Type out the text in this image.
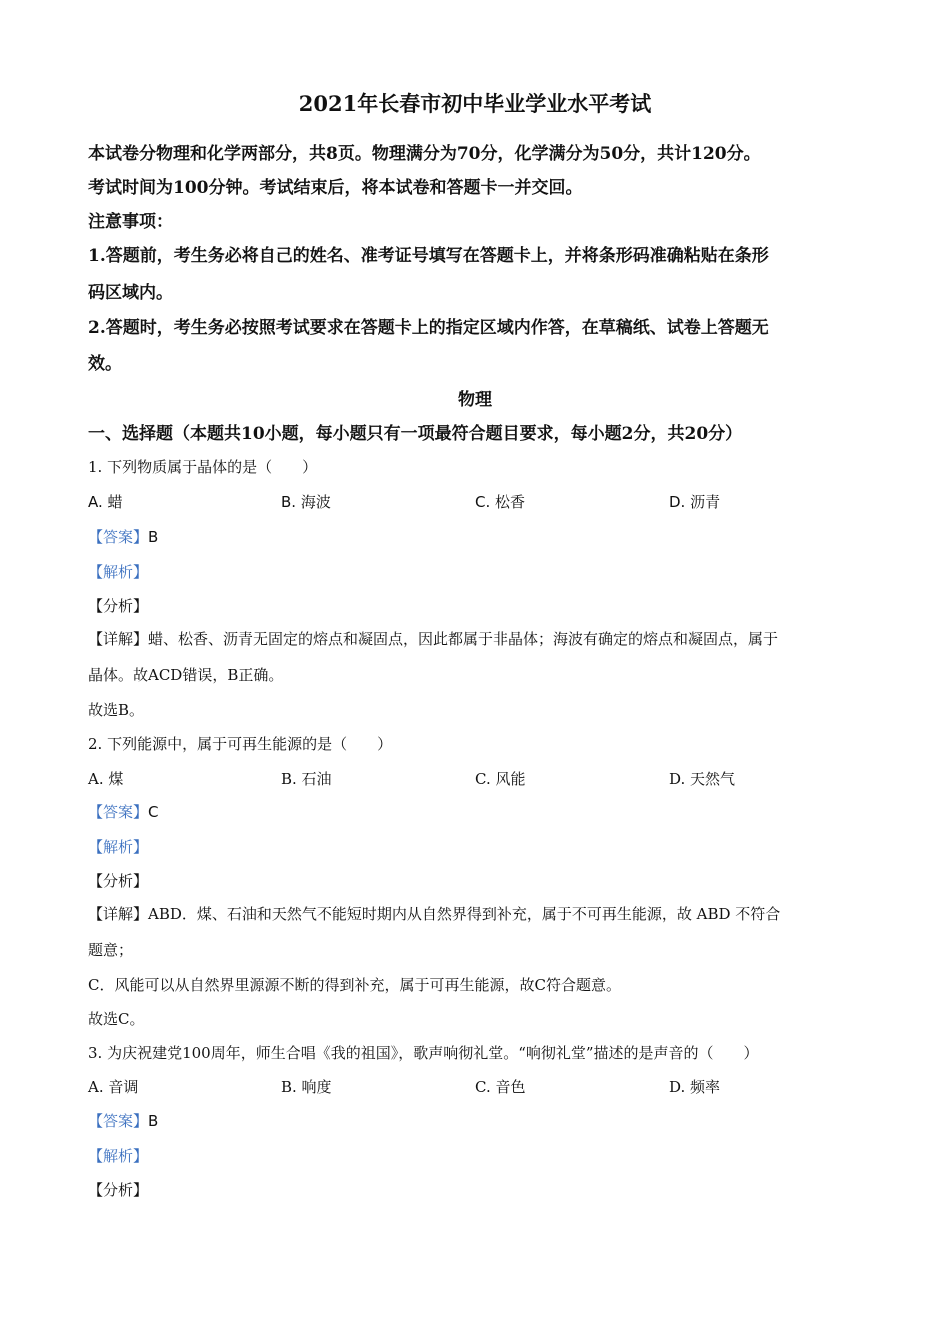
2021年长春市初中毕业学业水平考试
本试卷分物理和化学两部分，共8页。物理满分为70分，化学满分为50分，共计120分。
考试时间为100分钟。考试结束后，将本试卷和答题卡一并交回。
注意事项：
1.答题前，考生务必将自己的姓名、准考证号填写在答题卡上，并将条形码准确粘贴在条形
码区域内。
2.答题时，考生务必按照考试要求在答题卡上的指定区域内作答，在草稿纸、试卷上答题无
效。
物理
一、选择题（本题共10小题，每小题只有一项最符合题目要求，每小题2分，共20分）
1. 下列物质属于晶体的是（　　）
A. 蜡	B. 海波	C. 松香	D. 沥青
【答案】B
【解析】
【分析】
【详解】蜡、松香、沥青无固定的熔点和凝固点，因此都属于非晶体；海波有确定的熔点和凝固点，属于
晶体。故ACD错误，B正确。
故选B。
2. 下列能源中，属于可再生能源的是（　　）
A. 煤	B. 石油	C. 风能	D. 天然气
【答案】C
【解析】
【分析】
【详解】ABD．煤、石油和天然气不能短时期内从自然界得到补充，属于不可再生能源，故 ABD 不符合
题意；
C．风能可以从自然界里源源不断的得到补充，属于可再生能源，故C符合题意。
故选C。
3. 为庆祝建党100周年，师生合唱《我的祖国》，歌声响彻礼堂。“响彻礼堂”描述的是声音的（　　）
A. 音调	B. 响度	C. 音色	D. 频率
【答案】B
【解析】
【分析】
